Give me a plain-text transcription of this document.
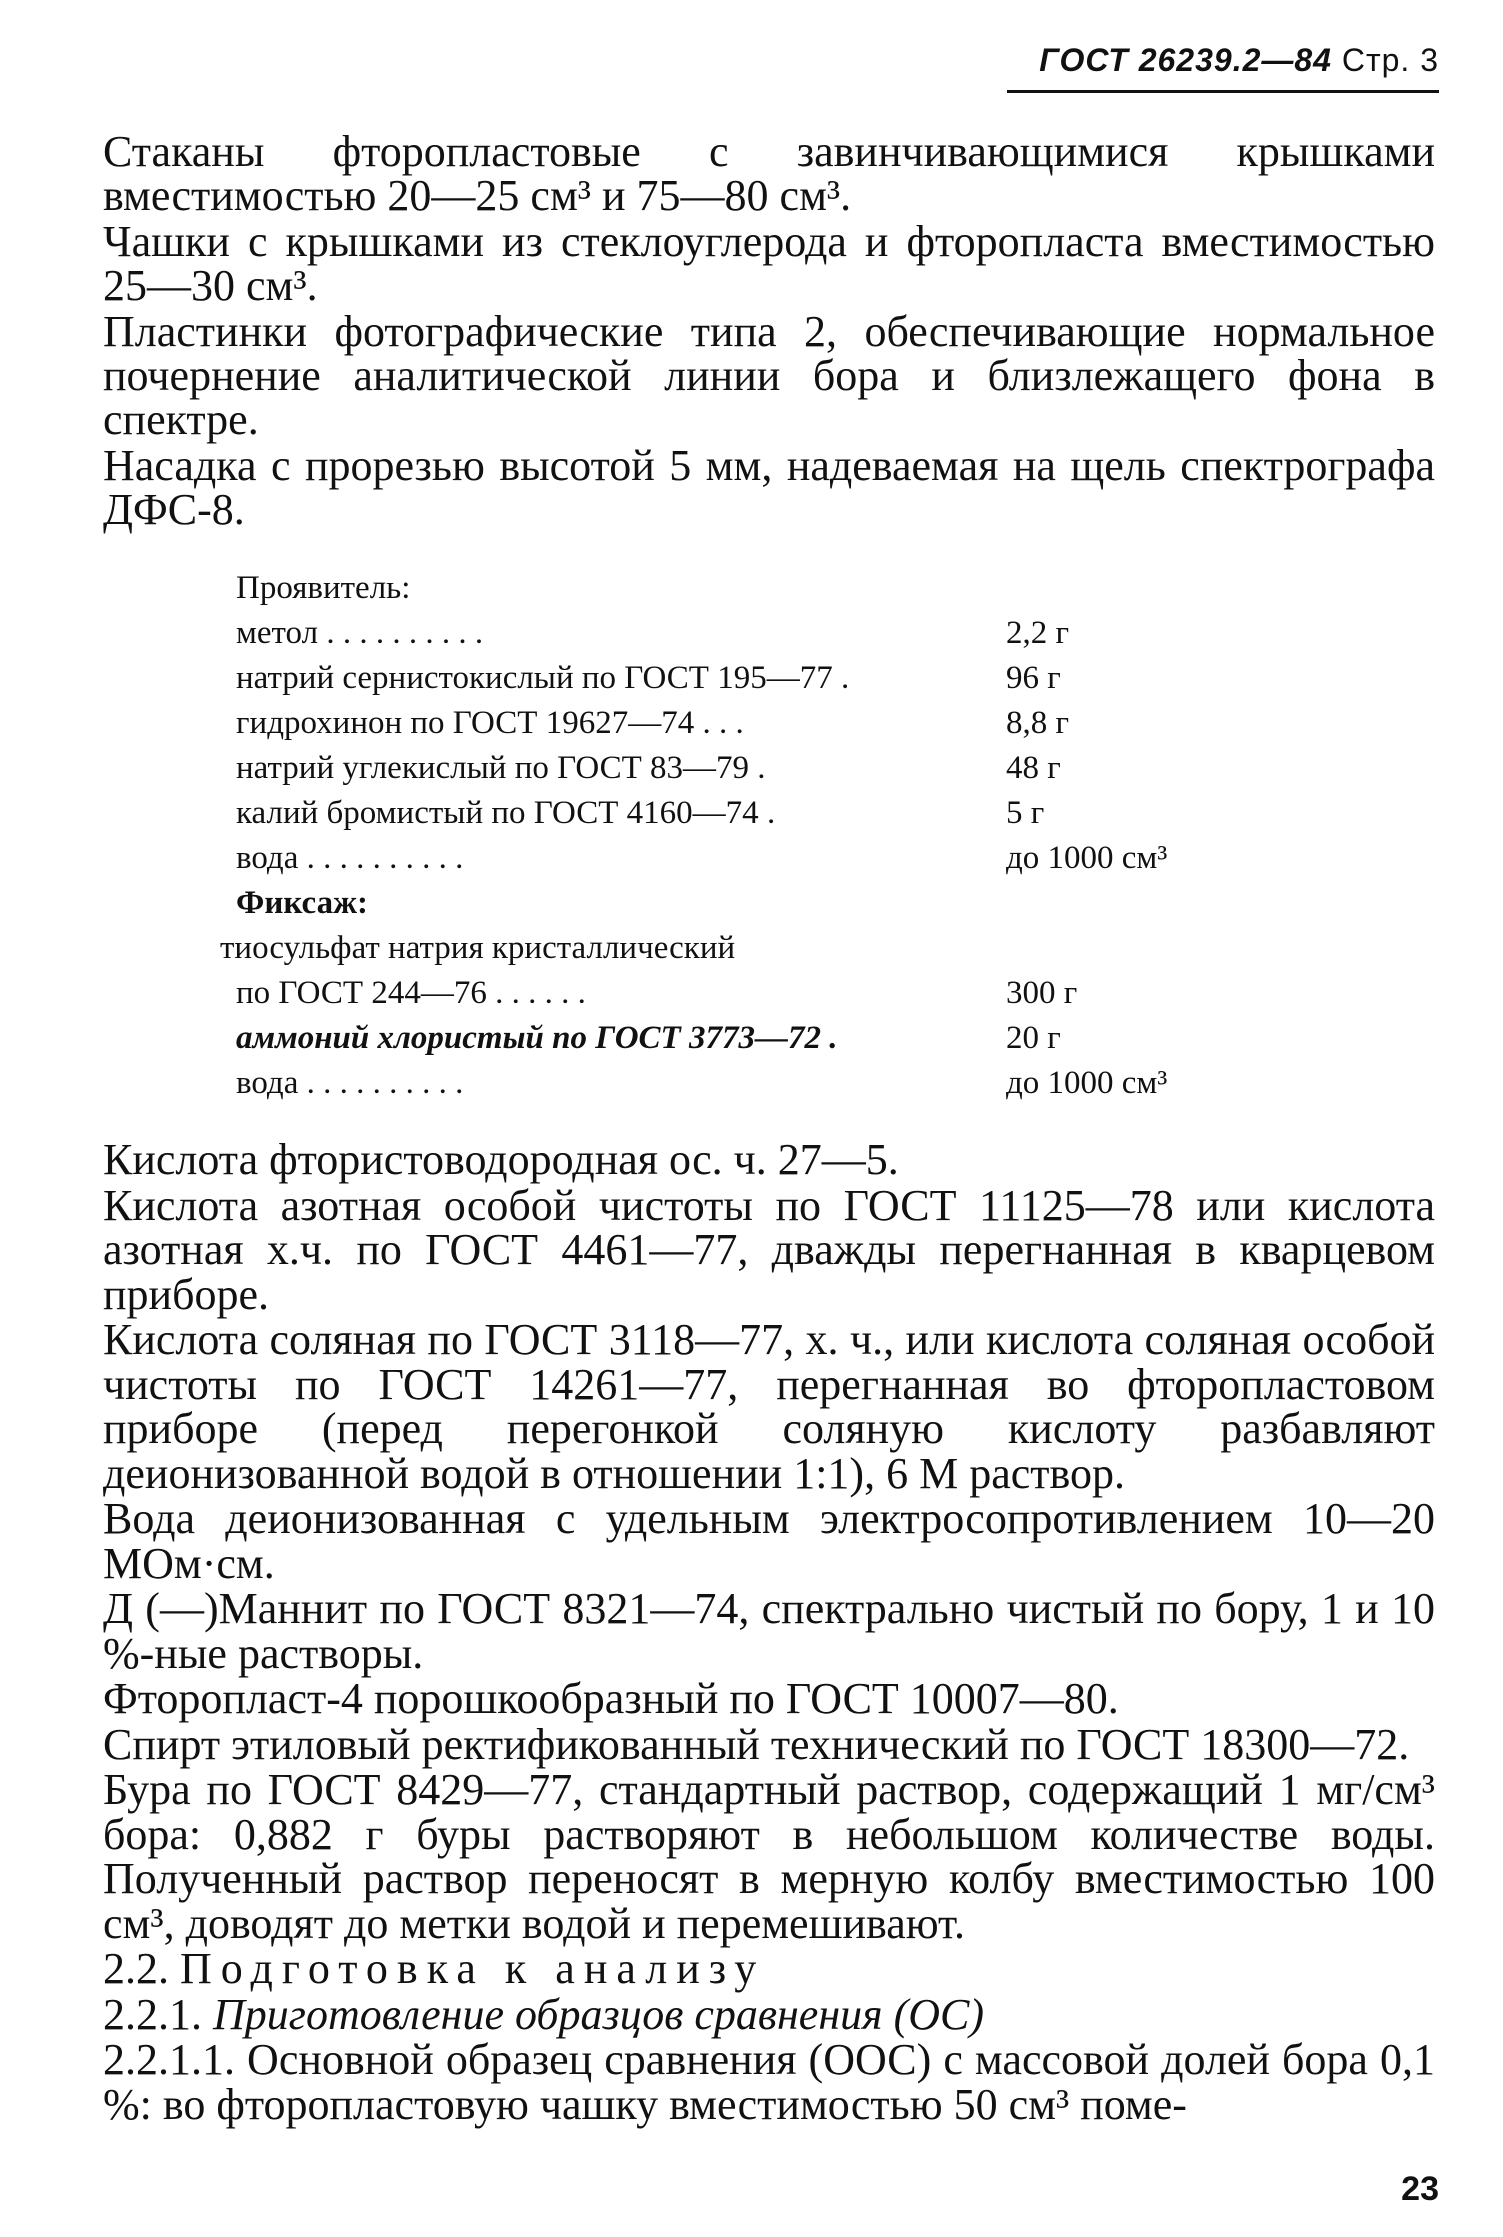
ГОСТ 26239.2—84 Стр. 3

Стаканы фторопластовые с завинчивающимися крышками вместимостью 20—25 см³ и 75—80 см³.

Чашки с крышками из стеклоуглерода и фторопласта вместимостью 25—30 см³.

Пластинки фотографические типа 2, обеспечивающие нормальное почернение аналитической линии бора и близлежащего фона в спектре.

Насадка с прорезью высотой 5 мм, надеваемая на щель спектрографа ДФС-8.

Проявитель:
метол . . . . . . . . . .	2,2 г
натрий сернистокислый по ГОСТ 195—77 .	96 г
гидрохинон по ГОСТ 19627—74 . . .	8,8 г
натрий углекислый по ГОСТ 83—79 .	48 г
калий бромистый по ГОСТ 4160—74 .	5 г
вода . . . . . . . . . .	до 1000 см³
Фиксаж:
тиосульфат натрия кристаллический
по ГОСТ 244—76 . . . . . .	300 г
аммоний хлористый по ГОСТ 3773—72 .	20 г
вода . . . . . . . . . .	до 1000 см³

Кислота фтористоводородная ос. ч. 27—5.

Кислота азотная особой чистоты по ГОСТ 11125—78 или кислота азотная х.ч. по ГОСТ 4461—77, дважды перегнанная в кварцевом приборе.

Кислота соляная по ГОСТ 3118—77, х. ч., или кислота соляная особой чистоты по ГОСТ 14261—77, перегнанная во фторопластовом приборе (перед перегонкой соляную кислоту разбавляют деионизованной водой в отношении 1:1), 6 М раствор.

Вода деионизованная с удельным электросопротивлением 10—20 МОм·см.

Д (—)Маннит по ГОСТ 8321—74, спектрально чистый по бору, 1 и 10 %-ные растворы.

Фторопласт-4 порошкообразный по ГОСТ 10007—80.

Спирт этиловый ректификованный технический по ГОСТ 18300—72.

Бура по ГОСТ 8429—77, стандартный раствор, содержащий 1 мг/см³ бора: 0,882 г буры растворяют в небольшом количестве воды. Полученный раствор переносят в мерную колбу вместимостью 100 см³, доводят до метки водой и перемешивают.

2.2. Подготовка к анализу

2.2.1. Приготовление образцов сравнения (ОС)

2.2.1.1. Основной образец сравнения (ООС) с массовой долей бора 0,1 %: во фторопластовую чашку вместимостью 50 см³ поме-

23
